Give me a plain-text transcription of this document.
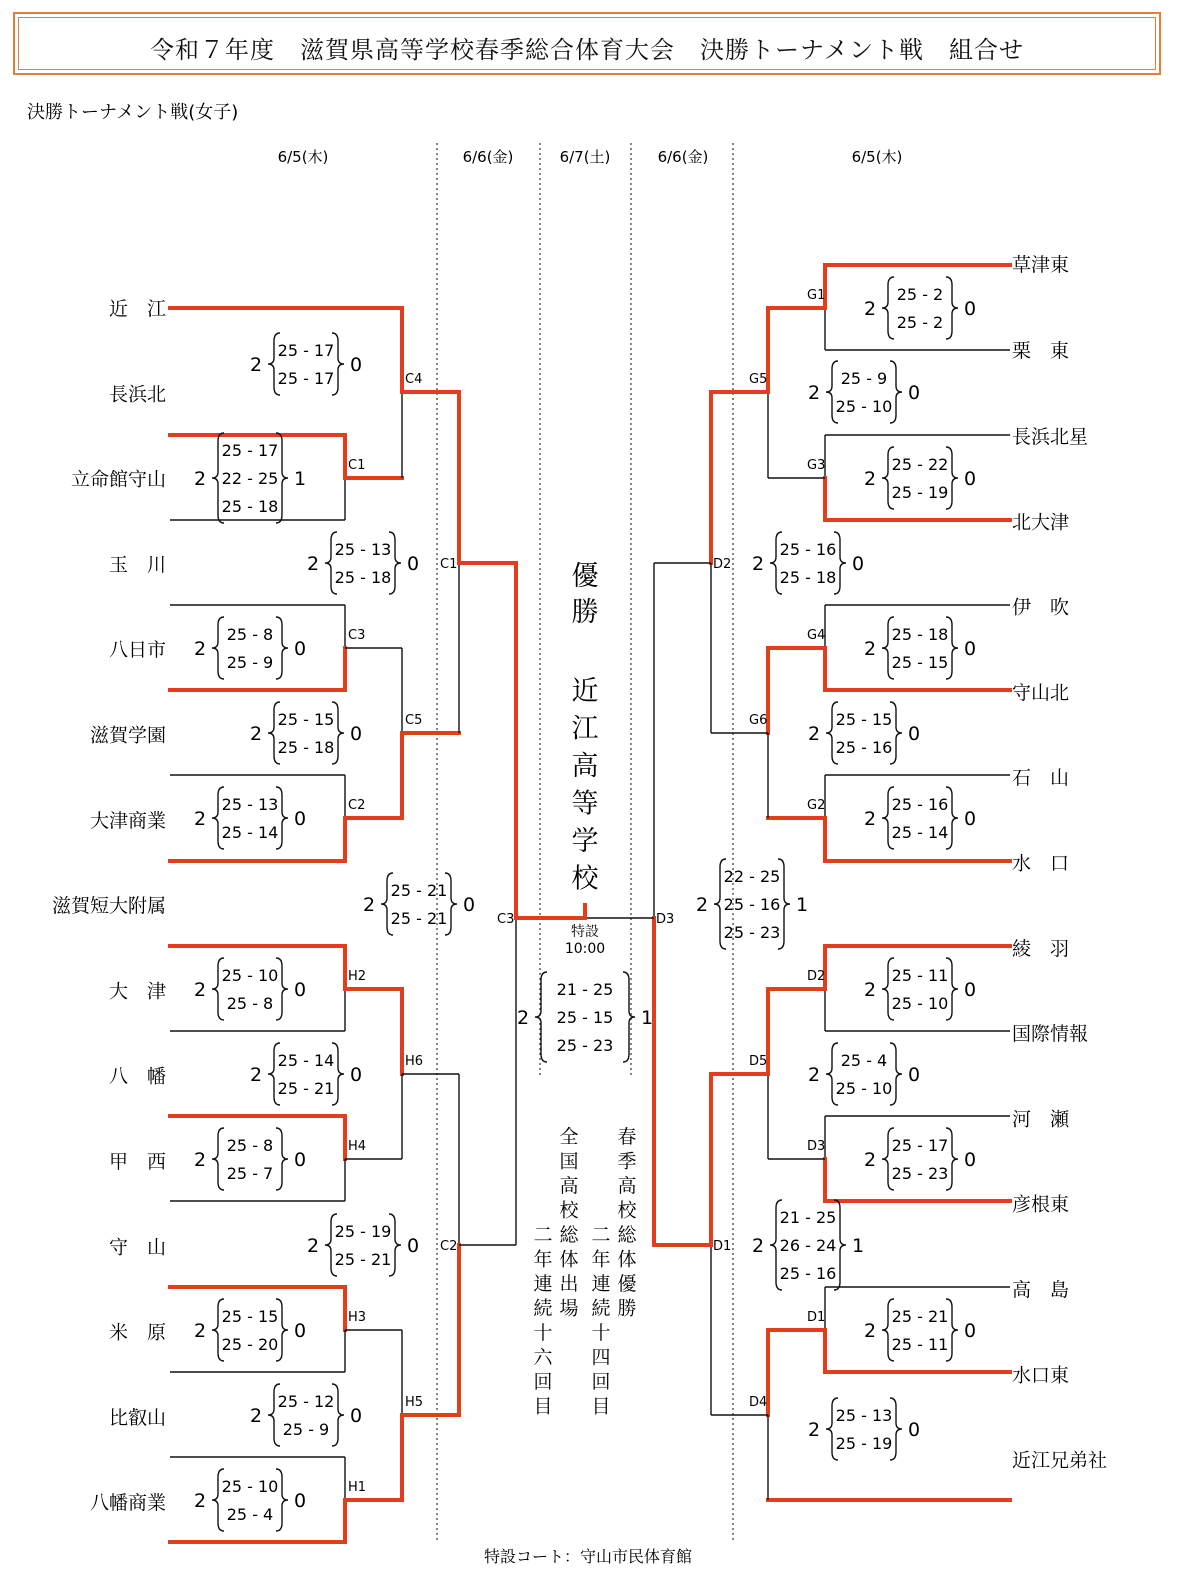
令和７年度　滋賀県高等学校春季総合体育大会　決勝トーナメント戦　組合せ
決勝トーナメント戦(女子)
6/5(木)	6/6(金)	6/7(土)	6/6(金)	6/5(木)
近　江
長浜北
立命館守山
玉　川
八日市
滋賀学園
大津商業
滋賀短大附属
大　津
八　幡
甲　西
守　山
米　原
比叡山
八幡商業
草津東
栗　東
長浜北星
北大津
伊　吹
守山北
石　山
水　口
綾　羽
国際情報
河　瀬
彦根東
高　島
水口東
近江兄弟社
C4
C1
C3
C5
C2
H2
H6
H4
H3
H5
H1
C1
C3
C2
G1
G5
G3
D2
G4
G6
G2
D3
D2
D5
D3
D1
D1
D4
25 - 17
25 - 17
2	0
25 - 17
22 - 25
25 - 18
2	1
25 - 13
25 - 18
2	0
25 - 8
25 - 9
2	0
25 - 15
25 - 18
2	0
25 - 13
25 - 14
2	0
25 - 21
25 - 21
2	0
25 - 10
25 - 8
2	0
25 - 14
25 - 21
2	0
25 - 8
25 - 7
2	0
25 - 19
25 - 21
2	0
25 - 15
25 - 20
2	0
25 - 12
25 - 9
2	0
25 - 10
25 - 4
2	0
25 - 2
25 - 2
2	0
25 - 9
25 - 10
2	0
25 - 22
25 - 19
2	0
25 - 16
25 - 18
2	0
25 - 18
25 - 15
2	0
25 - 15
25 - 16
2	0
25 - 16
25 - 14
2	0
22 - 25
25 - 16
25 - 23
2	1
25 - 11
25 - 10
2	0
25 - 4
25 - 10
2	0
25 - 17
25 - 23
2	0
21 - 25
26 - 24
25 - 16
2	1
25 - 21
25 - 11
2	0
25 - 13
25 - 19
2	0
21 - 25
25 - 15
25 - 23
2	1
優勝
近江高等学校
特設
10:00
春季高校総体優勝
二年連続十四回目
全国高校総体出場
二年連続十六回目
特設コート：守山市民体育館
